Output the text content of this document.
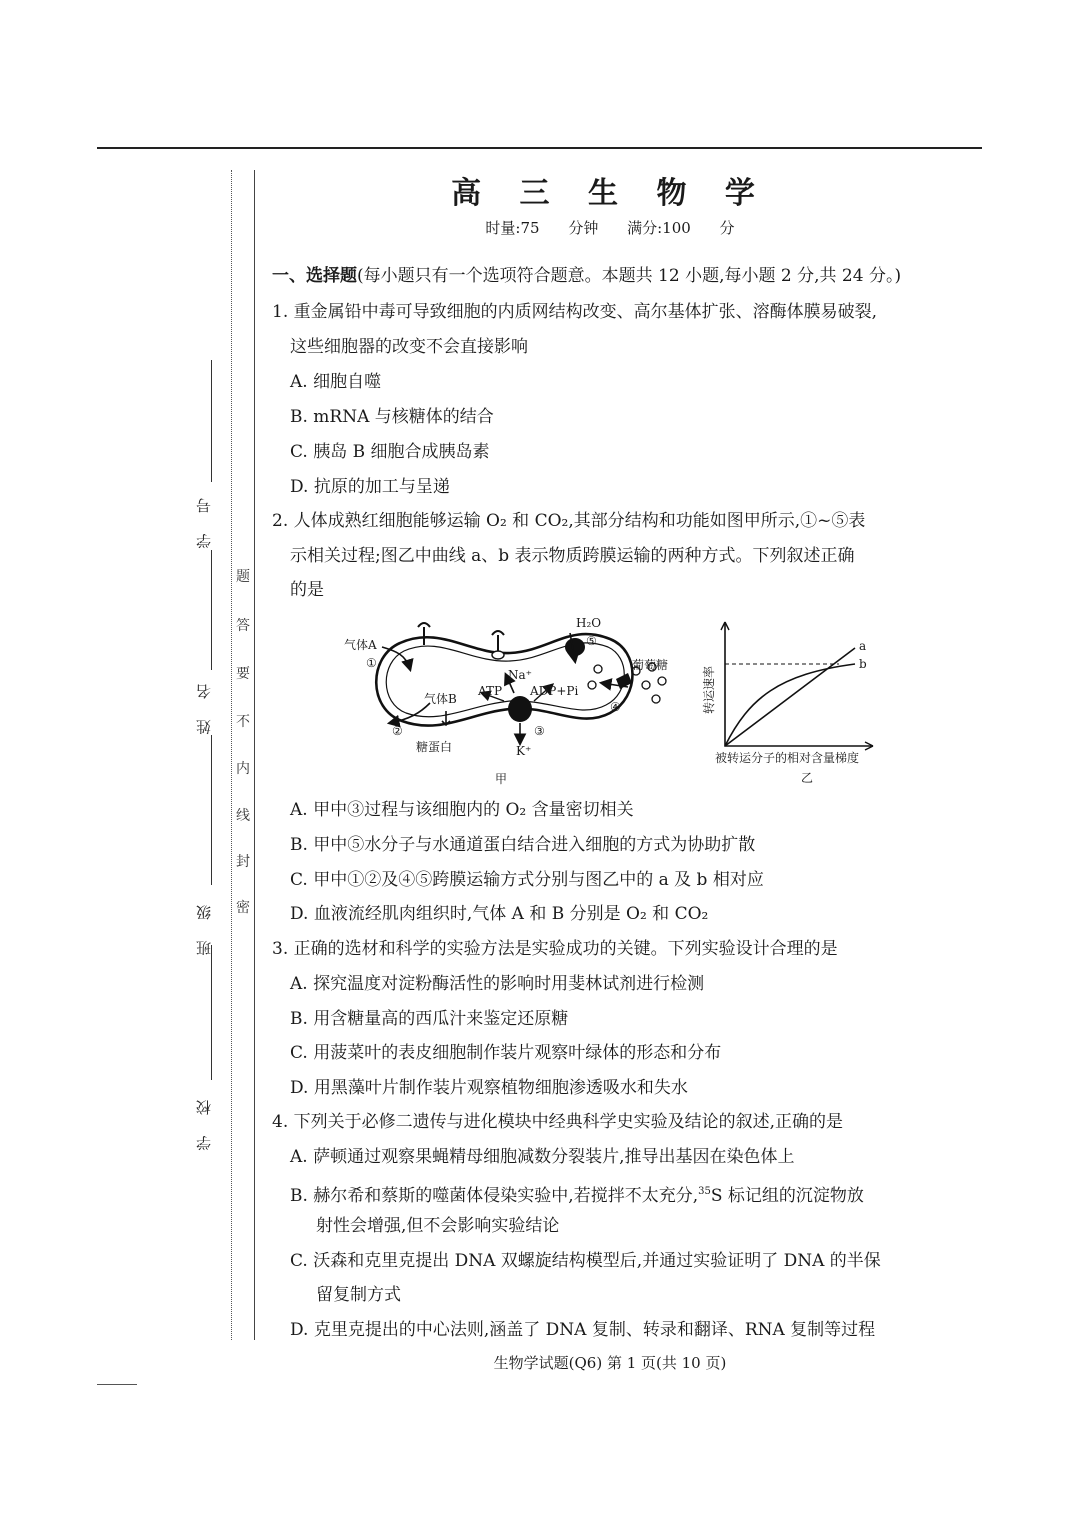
学 校
班 级
姓 名
学 号
密
封
线
内
不
要
答
题
高 三 生 物 学
时量:75 分钟 满分:100 分
一、选择题(每小题只有一个选项符合题意。本题共 12 小题,每小题 2 分,共 24 分。)
1. 重金属铅中毒可导致细胞的内质网结构改变、高尔基体扩张、溶酶体膜易破裂,
这些细胞器的改变不会直接影响
A. 细胞自噬
B. mRNA 与核糖体的结合
C. 胰岛 B 细胞合成胰岛素
D. 抗原的加工与呈递
2. 人体成熟红细胞能够运输 O₂ 和 CO₂,其部分结构和功能如图甲所示,①~⑤表
示相关过程;图乙中曲线 a、b 表示物质跨膜运输的两种方式。下列叙述正确
的是
气体A
①
气体B
②
糖蛋白
ATP ADP+Pi
Na⁺
K⁺
③
④
H₂O
⑤
葡萄糖
甲
a
b
转运速率
被转运分子的相对含量梯度
乙
A. 甲中③过程与该细胞内的 O₂ 含量密切相关
B. 甲中⑤水分子与水通道蛋白结合进入细胞的方式为协助扩散
C. 甲中①②及④⑤跨膜运输方式分别与图乙中的 a 及 b 相对应
D. 血液流经肌肉组织时,气体 A 和 B 分别是 O₂ 和 CO₂
3. 正确的选材和科学的实验方法是实验成功的关键。下列实验设计合理的是
A. 探究温度对淀粉酶活性的影响时用斐林试剂进行检测
B. 用含糖量高的西瓜汁来鉴定还原糖
C. 用菠菜叶的表皮细胞制作装片观察叶绿体的形态和分布
D. 用黑藻叶片制作装片观察植物细胞渗透吸水和失水
4. 下列关于必修二遗传与进化模块中经典科学史实验及结论的叙述,正确的是
A. 萨顿通过观察果蝇精母细胞减数分裂装片,推导出基因在染色体上
B. 赫尔希和蔡斯的噬菌体侵染实验中,若搅拌不太充分,$^{35}$S 标记组的沉淀物放
射性会增强,但不会影响实验结论
C. 沃森和克里克提出 DNA 双螺旋结构模型后,并通过实验证明了 DNA 的半保
留复制方式
D. 克里克提出的中心法则,涵盖了 DNA 复制、转录和翻译、RNA 复制等过程
生物学试题(Q6) 第 1 页(共 10 页)
